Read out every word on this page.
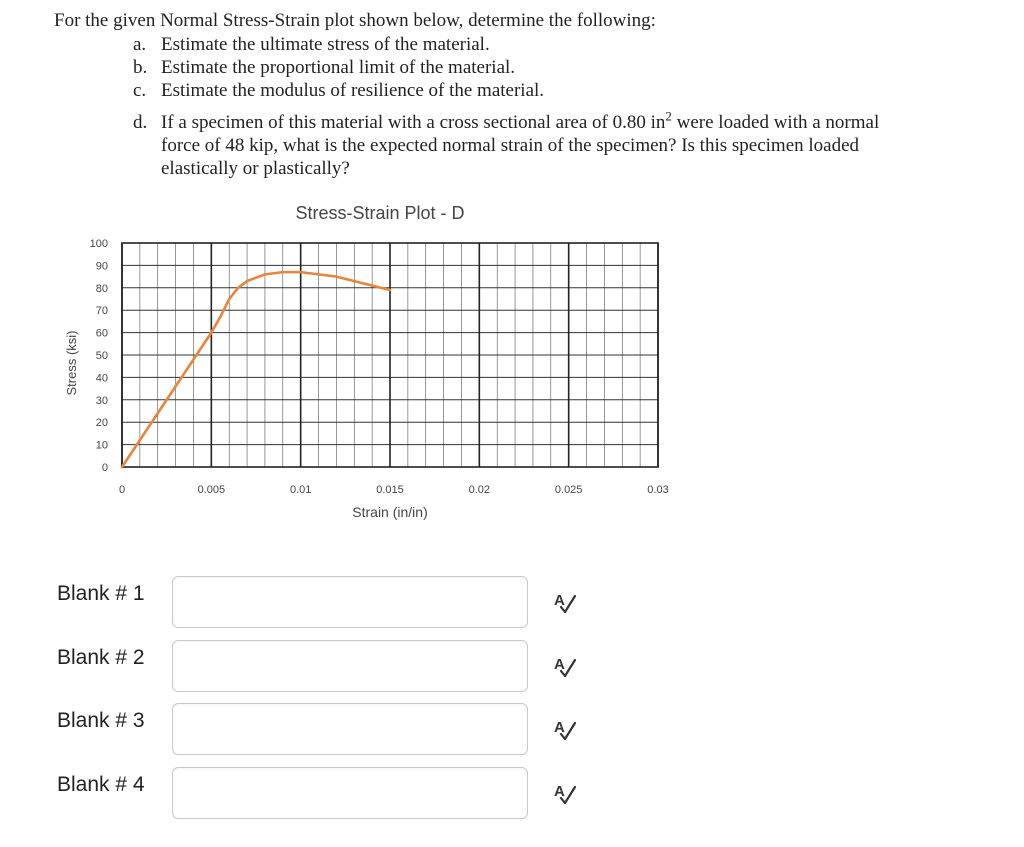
For the given Normal Stress-Strain plot shown below, determine the following:

a. Estimate the ultimate stress of the material.
b. Estimate the proportional limit of the material.
c. Estimate the modulus of resilience of the material.
d. If a specimen of this material with a cross sectional area of 0.80 $in^2$ were loaded with a normal
force of 48 kip, what is the expected normal strain of the specimen? Is this specimen loaded
elastically or plastically?
Stress-Strain Plot - D
0
10
20
30
40
50
60
70
80
90
100
0	0.005	0.01	0.015	0.02	0.025	0.03
Stress (ksi)
Strain (in/in)
Blank # 1	A
Blank # 2	A
Blank # 3	A
Blank # 4	A
